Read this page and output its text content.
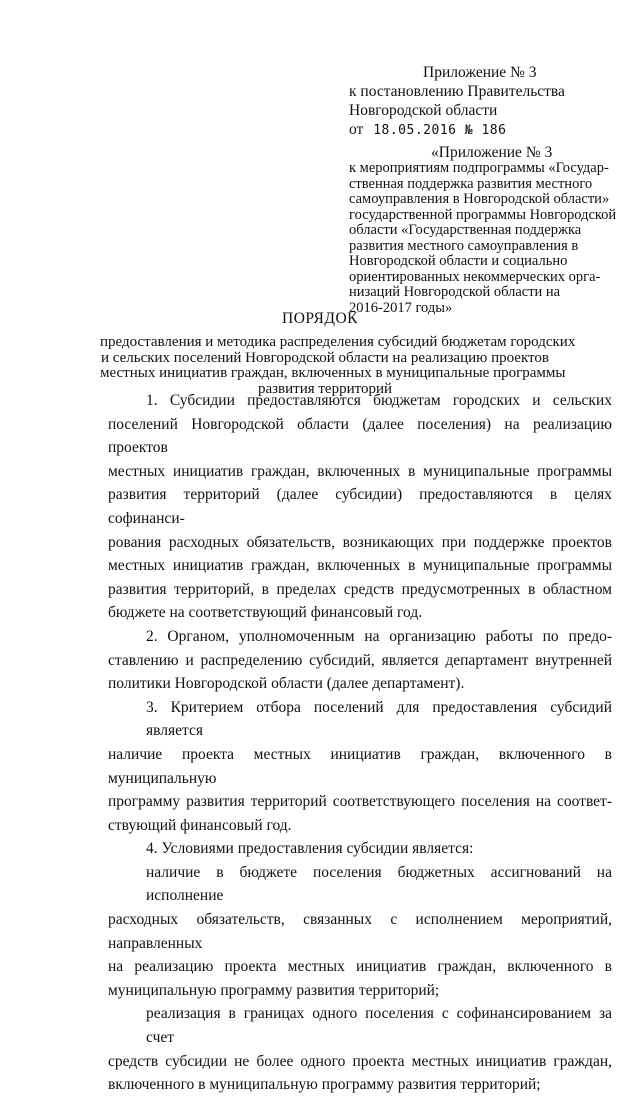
Приложение № 3
к постановлению Правительства
Новгородской области
от 18.05.2016 № 186
«Приложение № 3
к мероприятиям подпрограммы «Государ-
ственная поддержка развития местного
самоуправления в Новгородской области»
государственной программы Новгородской
области «Государственная поддержка
развития местного самоуправления в
Новгородской области и социально
ориентированных некоммерческих орга-
низаций Новгородской области на
2016-2017 годы»
ПОРЯДОК
предоставления и методика распределения субсидий бюджетам городских
и сельских поселений Новгородской области на реализацию проектов
местных инициатив граждан, включенных в муниципальные программы
развития территорий
1. Субсидии предоставляются бюджетам городских и сельских
поселений Новгородской области (далее поселения) на реализацию проектов
местных инициатив граждан, включенных в муниципальные программы
развития территорий (далее субсидии) предоставляются в целях софинанси-
рования расходных обязательств, возникающих при поддержке проектов
местных инициатив граждан, включенных в муниципальные программы
развития территорий, в пределах средств предусмотренных в областном
бюджете на соответствующий финансовый год.
2. Органом, уполномоченным на организацию работы по предо-
ставлению и распределению субсидий, является департамент внутренней
политики Новгородской области (далее департамент).
3. Критерием отбора поселений для предоставления субсидий является
наличие проекта местных инициатив граждан, включенного в муниципальную
программу развития территорий соответствующего поселения на соответ-
ствующий финансовый год.
4. Условиями предоставления субсидии является:
наличие в бюджете поселения бюджетных ассигнований на исполнение
расходных обязательств, связанных с исполнением мероприятий, направленных
на реализацию проекта местных инициатив граждан, включенного в
муниципальную программу развития территорий;
реализация в границах одного поселения с софинансированием за счет
средств субсидии не более одного проекта местных инициатив граждан,
включенного в муниципальную программу развития территорий;
